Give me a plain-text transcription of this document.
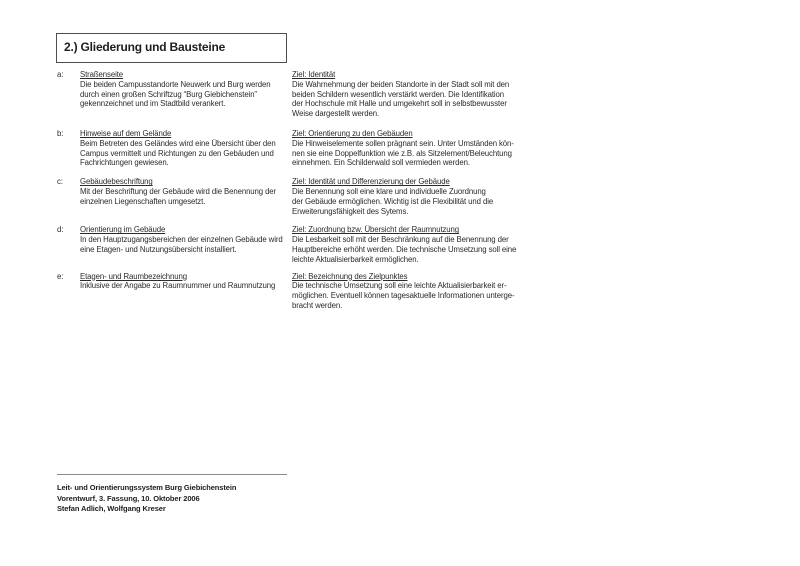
2.) Gliederung und Bausteine
a:	Straßenseite
Die beiden Campusstandorte Neuwerk und Burg werden
durch einen großen Schriftzug “Burg Giebichenstein”
gekennzeichnet und im Stadtbild verankert.
Ziel: Identität
Die Wahrnehmung der beiden Standorte in der Stadt soll mit den
beiden Schildern wesentlich verstärkt werden. Die Identifikation
der Hochschule mit Halle und umgekehrt soll in selbstbewusster
Weise dargestellt werden.
b:	Hinweise auf dem Gelände
Beim Betreten des Geländes wird eine Übersicht über den
Campus vermittelt und Richtungen zu den Gebäuden und
Fachrichtungen gewiesen.
Ziel: Orientierung zu den Gebäuden
Die Hinweiselemente sollen prägnant sein. Unter Umständen kön-
nen sie eine Doppelfunktion wie z.B. als Sitzelement/Beleuchtung
einnehmen. Ein Schilderwald soll vermieden werden.
c:	Gebäudebeschriftung
Mit der Beschriftung der Gebäude wird die Benennung der
einzelnen Liegenschaften umgesetzt.
Ziel: Identität und Differenzierung der Gebäude
Die Benennung soll eine klare und individuelle Zuordnung
der Gebäude ermöglichen. Wichtig ist die Flexibilität und die
Erweiterungsfähigkeit des Sytems.
d:	Orientierung im Gebäude
In den Hauptzugangsbereichen der einzelnen Gebäude wird
eine Etagen- und Nutzungsübersicht installiert.
Ziel: Zuordnung bzw. Übersicht der Raumnutzung
Die Lesbarkeit soll mit der Beschränkung auf die Benennung der
Hauptbereiche erhöht werden. Die technische Umsetzung soll eine
leichte Aktualisierbarkeit ermöglichen.
e:	Etagen- und Raumbezeichnung
Inklusive der Angabe zu Raumnummer und Raumnutzung
Ziel: Bezeichnung des Zielpunktes
Die technische Umsetzung soll eine leichte Aktualisierbarkeit er-
möglichen. Eventuell können tagesaktuelle Informationen unterge-
bracht werden.
Leit- und Orientierungssystem Burg Giebichenstein
Vorentwurf, 3. Fassung, 10. Oktober 2006
Stefan Adlich, Wolfgang Kreser
